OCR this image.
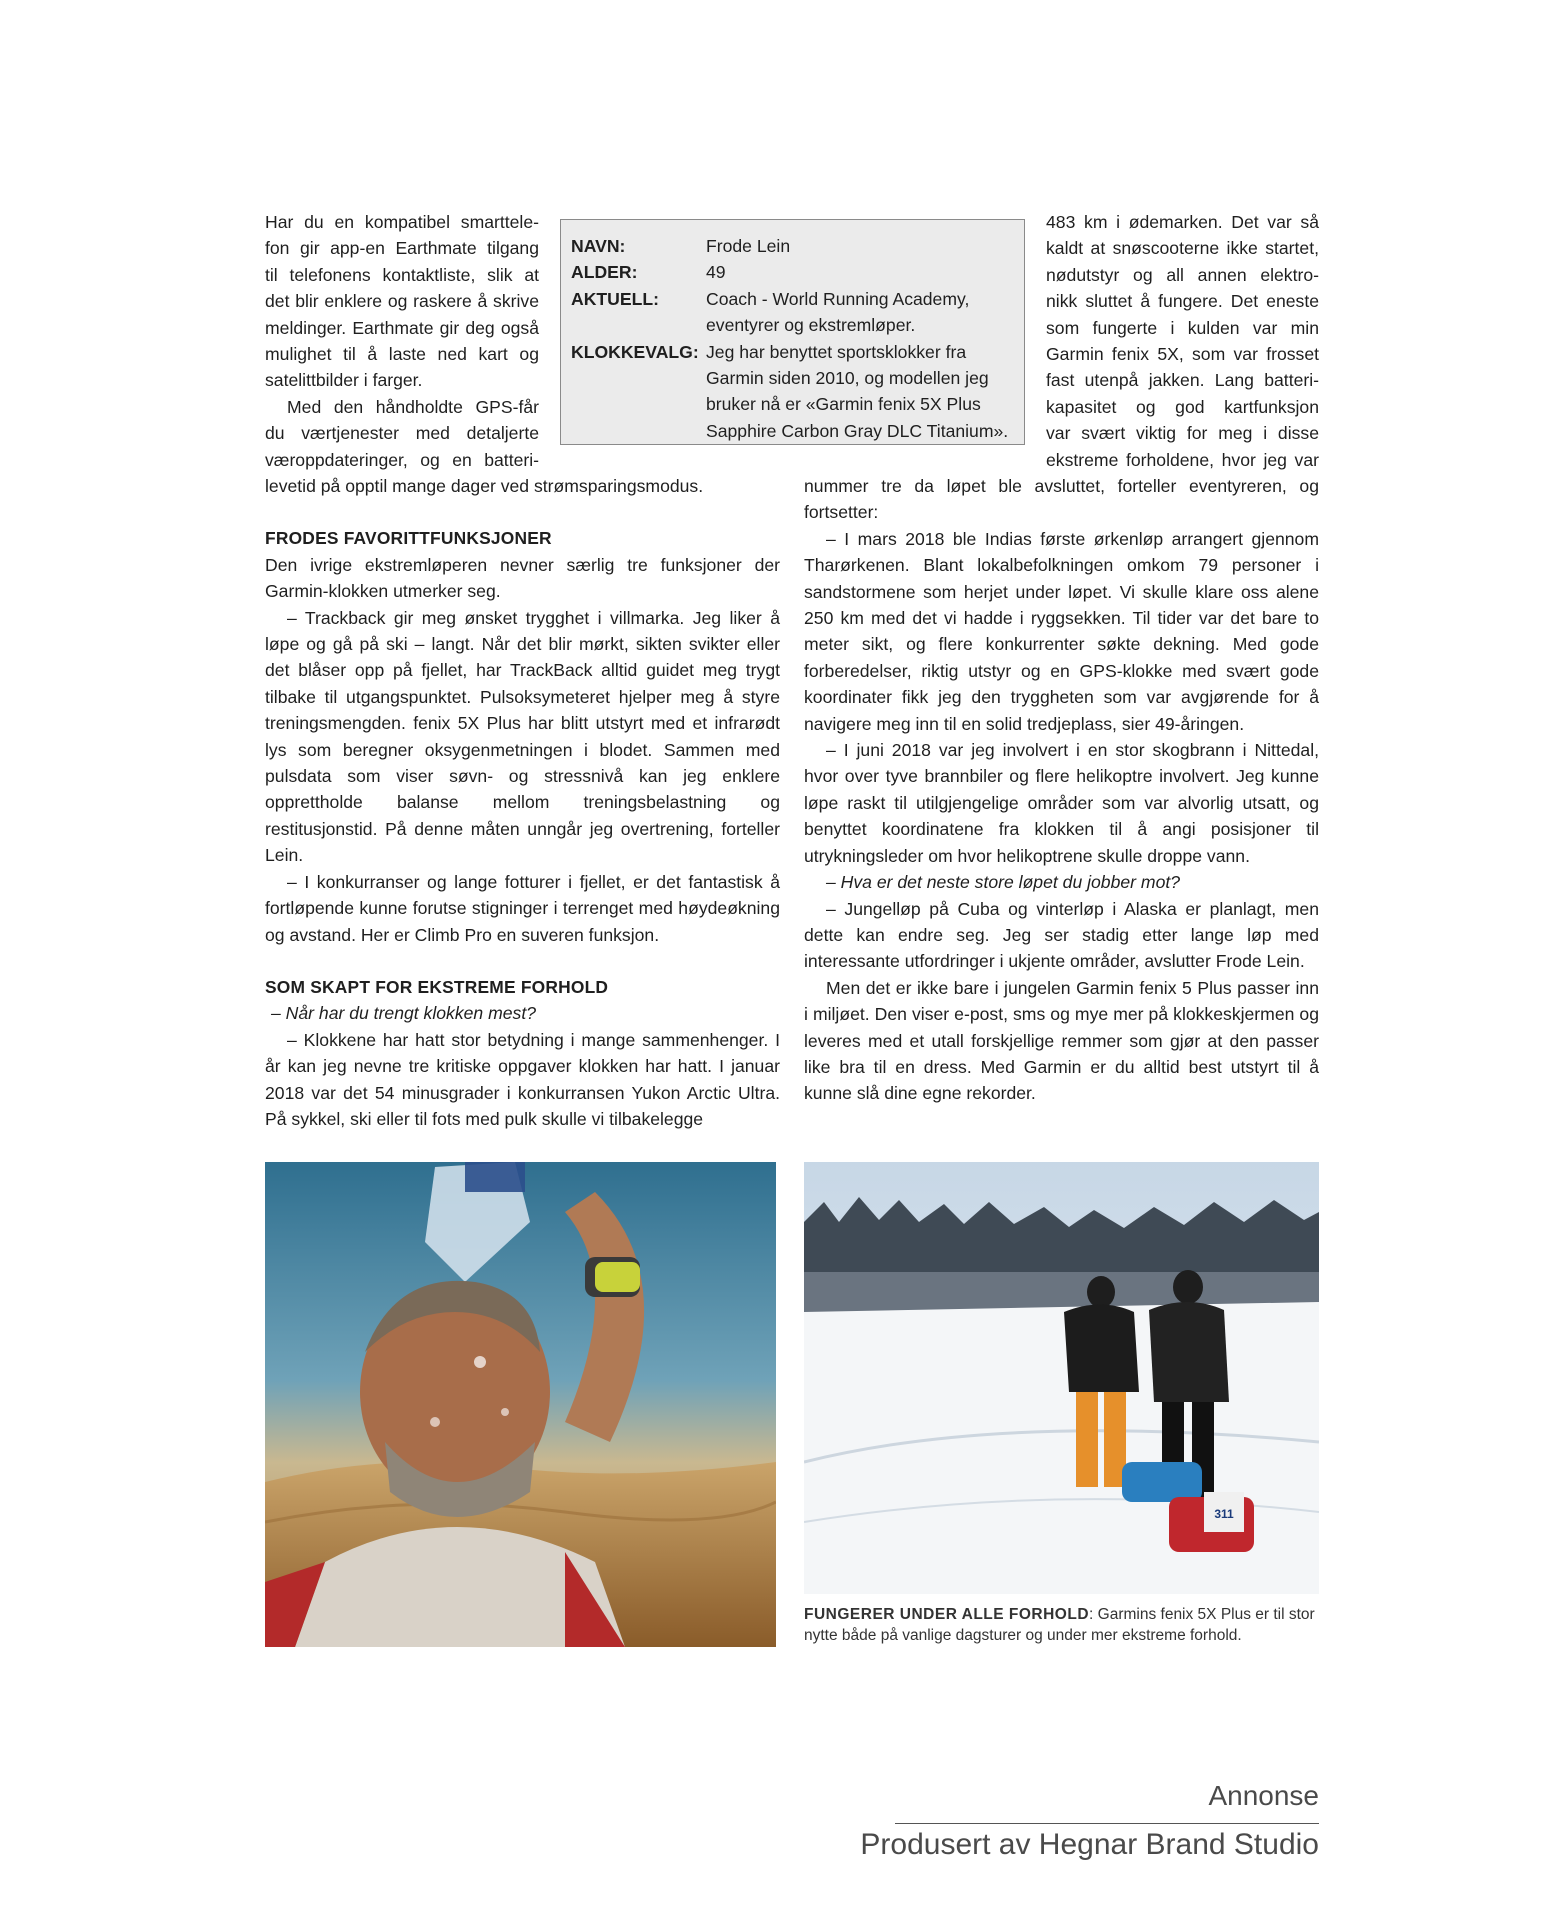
Har du en kompatibel smarttele-

fon gir app-en Earthmate tilgang

til telefonens kontaktliste, slik at

det blir enklere og raskere å skrive

meldinger. Earthmate gir deg også

mulighet til å laste ned kart og

satelittbilder i farger.

Med den håndholdte GPS-får

du værtjenester med detaljerte

væroppdateringer, og en batteri-

levetid på opptil mange dager ved strømsparingsmodus.

FRODES FAVORITTFUNKSJONER

Den ivrige ekstremløperen nevner særlig tre funksjoner der Garmin-klokken utmerker seg.

– Trackback gir meg ønsket trygghet i villmarka. Jeg liker å løpe og gå på ski – langt. Når det blir mørkt, sikten svikter eller det blåser opp på fjellet, har TrackBack alltid guidet meg trygt tilbake til utgangspunktet. Pulsoksymeteret hjelper meg å styre treningsmengden. fenix 5X Plus har blitt utstyrt med et infrarødt lys som beregner oksygenmetningen i blodet. Sammen med pulsdata som viser søvn- og stressnivå kan jeg enklere opprettholde balanse mellom treningsbelastning og restitusjonstid. På denne måten unngår jeg overtrening, forteller Lein.

– I konkurranser og lange fotturer i fjellet, er det fantastisk å fortløpende kunne forutse stigninger i terrenget med høydeøkning og avstand. Her er Climb Pro en suveren funksjon.

SOM SKAPT FOR EKSTREME FORHOLD

– Når har du trengt klokken mest?

– Klokkene har hatt stor betydning i mange sammenhenger. I år kan jeg nevne tre kritiske oppgaver klokken har hatt. I januar 2018 var det 54 minusgrader i konkurransen Yukon Arctic Ultra. På sykkel, ski eller til fots med pulk skulle vi tilbakelegge

NAVN:	Frode Lein
ALDER:	49
AKTUELL:	Coach - World Running Academy, eventyrer og ekstremløper.
KLOKKEVALG: Jeg har benyttet sportsklokker fra Garmin siden 2010, og modellen jeg bruker nå er «Garmin fenix 5X Plus Sapphire Carbon Gray DLC Titanium».

483 km i ødemarken. Det var så

kaldt at snøscooterne ikke startet,

nødutstyr og all annen elektro-

nikk sluttet å fungere. Det eneste

som fungerte i kulden var min

Garmin fenix 5X, som var frosset

fast utenpå jakken. Lang batteri-

kapasitet og god kartfunksjon

var svært viktig for meg i disse

ekstreme forholdene, hvor jeg var

nummer tre da løpet ble avsluttet, forteller eventyreren, og fortsetter:

– I mars 2018 ble Indias første ørkenløp arrangert gjennom Tharørkenen. Blant lokalbefolkningen omkom 79 personer i sandstormene som herjet under løpet. Vi skulle klare oss alene 250 km med det vi hadde i ryggsekken. Til tider var det bare to meter sikt, og flere konkurrenter søkte dekning. Med gode forberedelser, riktig utstyr og en GPS-klokke med svært gode koordinater fikk jeg den tryggheten som var avgjørende for å navigere meg inn til en solid tredjeplass, sier 49-åringen.

– I juni 2018 var jeg involvert i en stor skogbrann i Nittedal, hvor over tyve brannbiler og flere helikoptre involvert. Jeg kunne løpe raskt til utilgjengelige områder som var alvorlig utsatt, og benyttet koordinatene fra klokken til å angi posisjoner til utrykningsleder om hvor helikoptrene skulle droppe vann.

– Hva er det neste store løpet du jobber mot?

– Jungelløp på Cuba og vinterløp i Alaska er planlagt, men dette kan endre seg. Jeg ser stadig etter lange løp med interessante utfordringer i ukjente områder, avslutter Frode Lein.

Men det er ikke bare i jungelen Garmin fenix 5 Plus passer inn i miljøet. Den viser e-post, sms og mye mer på klokkeskjermen og leveres med et utall forskjellige remmer som gjør at den passer like bra til en dress. Med Garmin er du alltid best utstyrt til å kunne slå dine egne rekorder.

311

FUNGERER UNDER ALLE FORHOLD: Garmins fenix 5X Plus er til stor nytte både på vanlige dagsturer og under mer ekstreme forhold.

Annonse
Produsert av Hegnar Brand Studio
